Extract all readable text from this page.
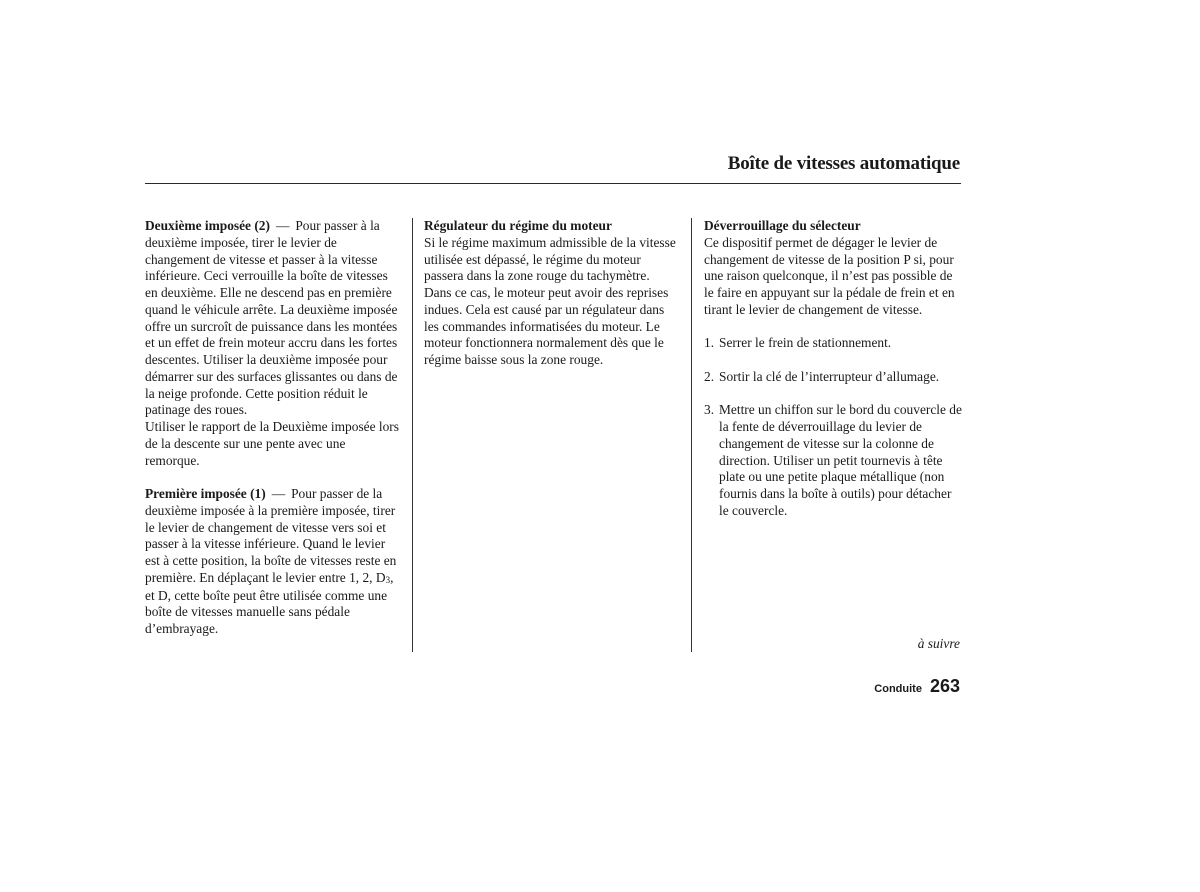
Boîte de vitesses automatique

Deuxième imposée (2) — Pour passer à la deuxième imposée, tirer le levier de changement de vitesse et passer à la vitesse inférieure. Ceci verrouille la boîte de vitesses en deuxième. Elle ne descend pas en première quand le véhicule arrête. La deuxième imposée offre un surcroît de puissance dans les montées et un effet de frein moteur accru dans les fortes descentes. Utiliser la deuxième imposée pour démarrer sur des surfaces glissantes ou dans de la neige profonde. Cette position réduit le patinage des roues.

Utiliser le rapport de la Deuxième imposée lors de la descente sur une pente avec une remorque.

Première imposée (1) — Pour passer de la deuxième imposée à la première imposée, tirer le levier de changement de vitesse vers soi et passer à la vitesse inférieure. Quand le levier est à cette position, la boîte de vitesses reste en première. En déplaçant le levier entre 1, 2, $D_3$, et D, cette boîte peut être utilisée comme une boîte de vitesses manuelle sans pédale d’embrayage.

Régulateur du régime du moteur

Si le régime maximum admissible de la vitesse utilisée est dépassé, le régime du moteur passera dans la zone rouge du tachymètre. Dans ce cas, le moteur peut avoir des reprises indues. Cela est causé par un régulateur dans les commandes informatisées du moteur. Le moteur fonctionnera normalement dès que le régime baisse sous la zone rouge.

Déverrouillage du sélecteur

Ce dispositif permet de dégager le levier de changement de vitesse de la position P si, pour une raison quelconque, il n’est pas possible de le faire en appuyant sur la pédale de frein et en tirant le levier de changement de vitesse.

1. Serrer le frein de stationnement.
2. Sortir la clé de l’interrupteur d’allumage.
3. Mettre un chiffon sur le bord du couvercle de la fente de déverrouillage du levier de changement de vitesse sur la colonne de direction. Utiliser un petit tournevis à tête plate ou une petite plaque métallique (non fournis dans la boîte à outils) pour détacher le couvercle.
à suivre
Conduite 263
